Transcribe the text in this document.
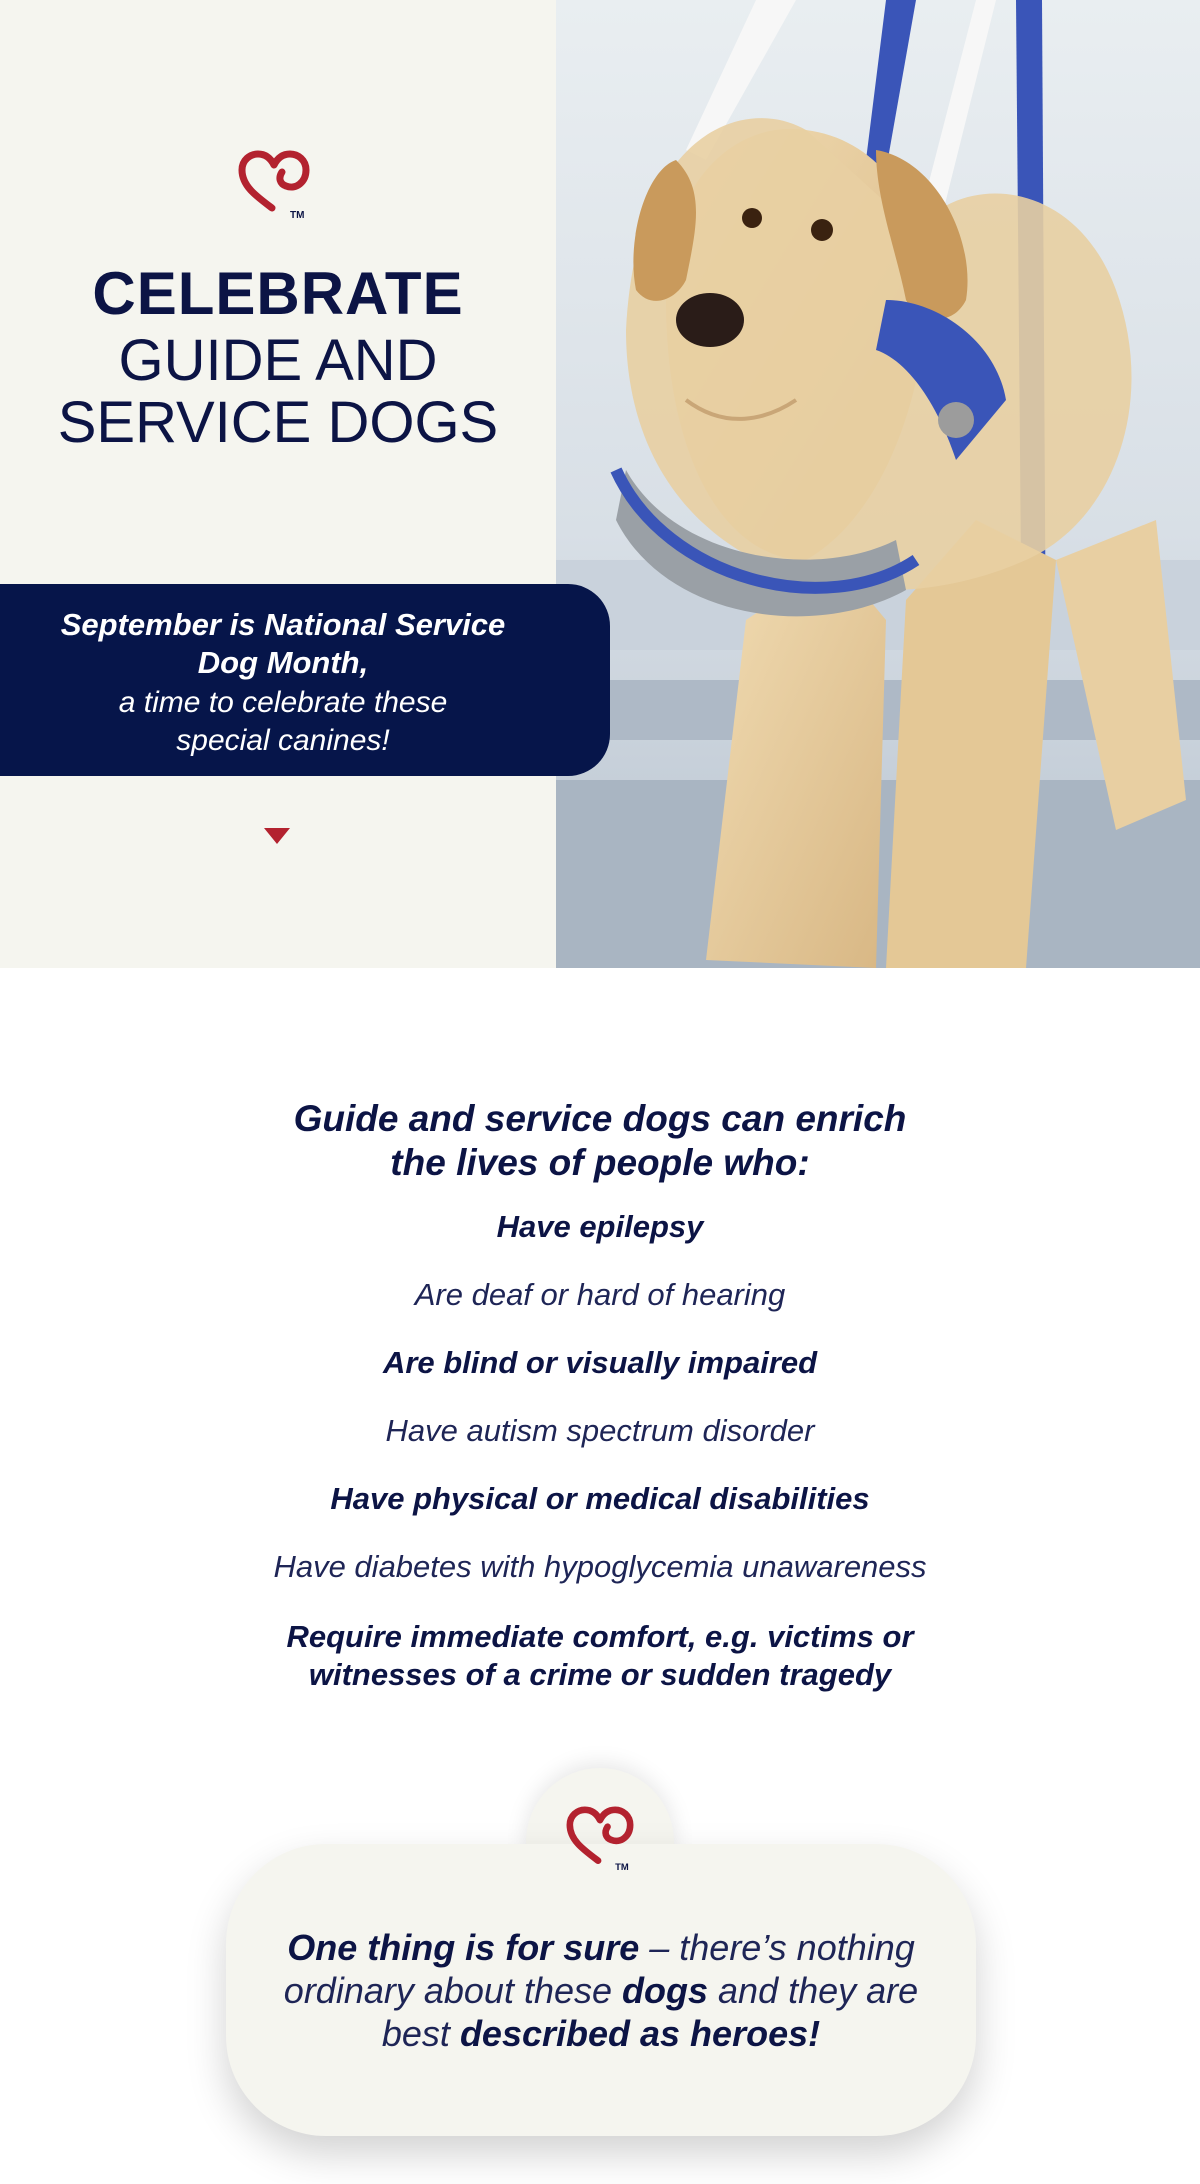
TM
CELEBRATE
GUIDE AND
SERVICE DOGS
September is National Service
Dog Month,
a time to celebrate these
special canines!
Guide and service dogs can enrich
the lives of people who:
Have epilepsy
Are deaf or hard of hearing
Are blind or visually impaired
Have autism spectrum disorder
Have physical or medical disabilities
Have diabetes with hypoglycemia unawareness
Require immediate comfort, e.g. victims or
witnesses of a crime or sudden tragedy
TM
One thing is for sure – there’s nothing
ordinary about these dogs and they are
best described as heroes!
